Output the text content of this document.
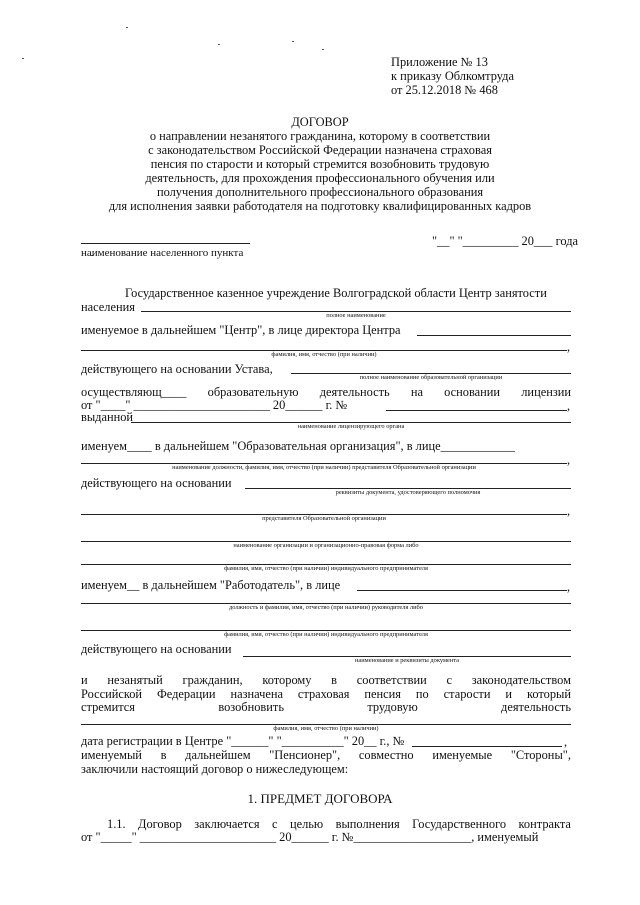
Приложение № 13
к приказу Облкомтруда
от 25.12.2018 № 468
ДОГОВОР
о направлении незанятого гражданина, которому в соответствии
с законодательством Российской Федерации назначена страховая
пенсия по старости и который стремится возобновить трудовую
деятельность, для прохождения профессионального обучения или
получения дополнительного профессионального образования
для исполнения заявки работодателя на подготовку квалифицированных кадров
наименование населенного пункта
"__" "_________ 20___ года
Государственное казенное учреждение Волгоградской области Центр занятости
населения
полное наименование
именуемое в дальнейшем "Центр", в лице директора Центра
,
фамилия, имя, отчество (при наличии)
действующего на основании Устава,
полное наименование образовательной организации
осуществляющ____ образовательную деятельность на основании лицензии
от "____" ______________________ 20______ г. №	,
выданной
наименование лицензирующего органа
именуем____ в дальнейшем "Образовательная организация", в лице____________
,
наименование должности, фамилия, имя, отчество (при наличии) представителя Образовательной организации
действующего на основании
реквизиты документа, удостоверяющего полномочия
,
представителя Образовательной организации
наименование организации и организационно-правовая форма либо
фамилия, имя, отчество (при наличии) индивидуального предпринимателя
именуем__ в дальнейшем "Работодатель", в лице	,
должность и фамилия, имя, отчество (при наличии) руководителя либо
фамилия, имя, отчество (при наличии) индивидуального предпринимателя
действующего на основании
наименование и реквизиты документа
и незанятый гражданин, которому в соответствии с законодательством
Российской Федерации назначена страховая пенсия по старости и который
стремится	возобновить	трудовую	деятельность
фамилия, имя, отчество (при наличии)
дата регистрации в Центре "______" "__________" 20__ г., №	,
именуемый в дальнейшем "Пенсионер", совместно именуемые "Стороны",
заключили настоящий договор о нижеследующем:
1. ПРЕДМЕТ ДОГОВОРА
1.1. Договор заключается с целью выполнения Государственного контракта
от "_____" ______________________ 20______ г. №___________________, именуемый
